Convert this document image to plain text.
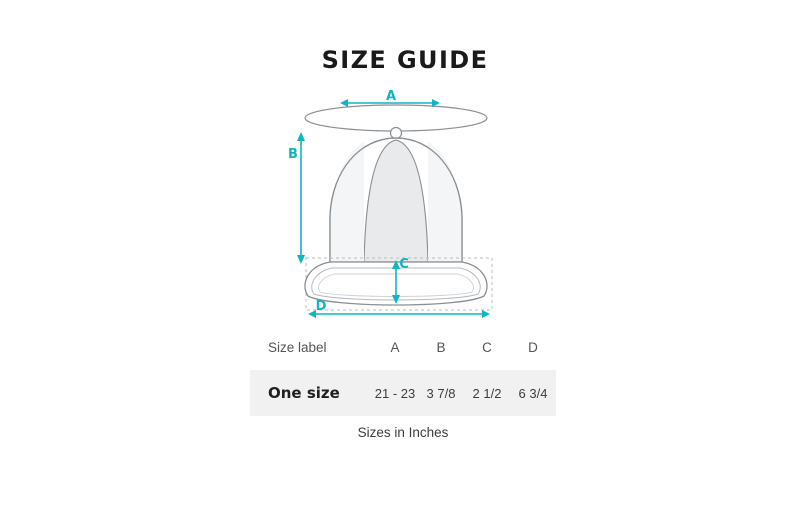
SIZE GUIDE
A
B
C
D
Size label	A	B	C	D
One size	21 - 23	3 7/8	2 1/2	6 3/4
Sizes in Inches
